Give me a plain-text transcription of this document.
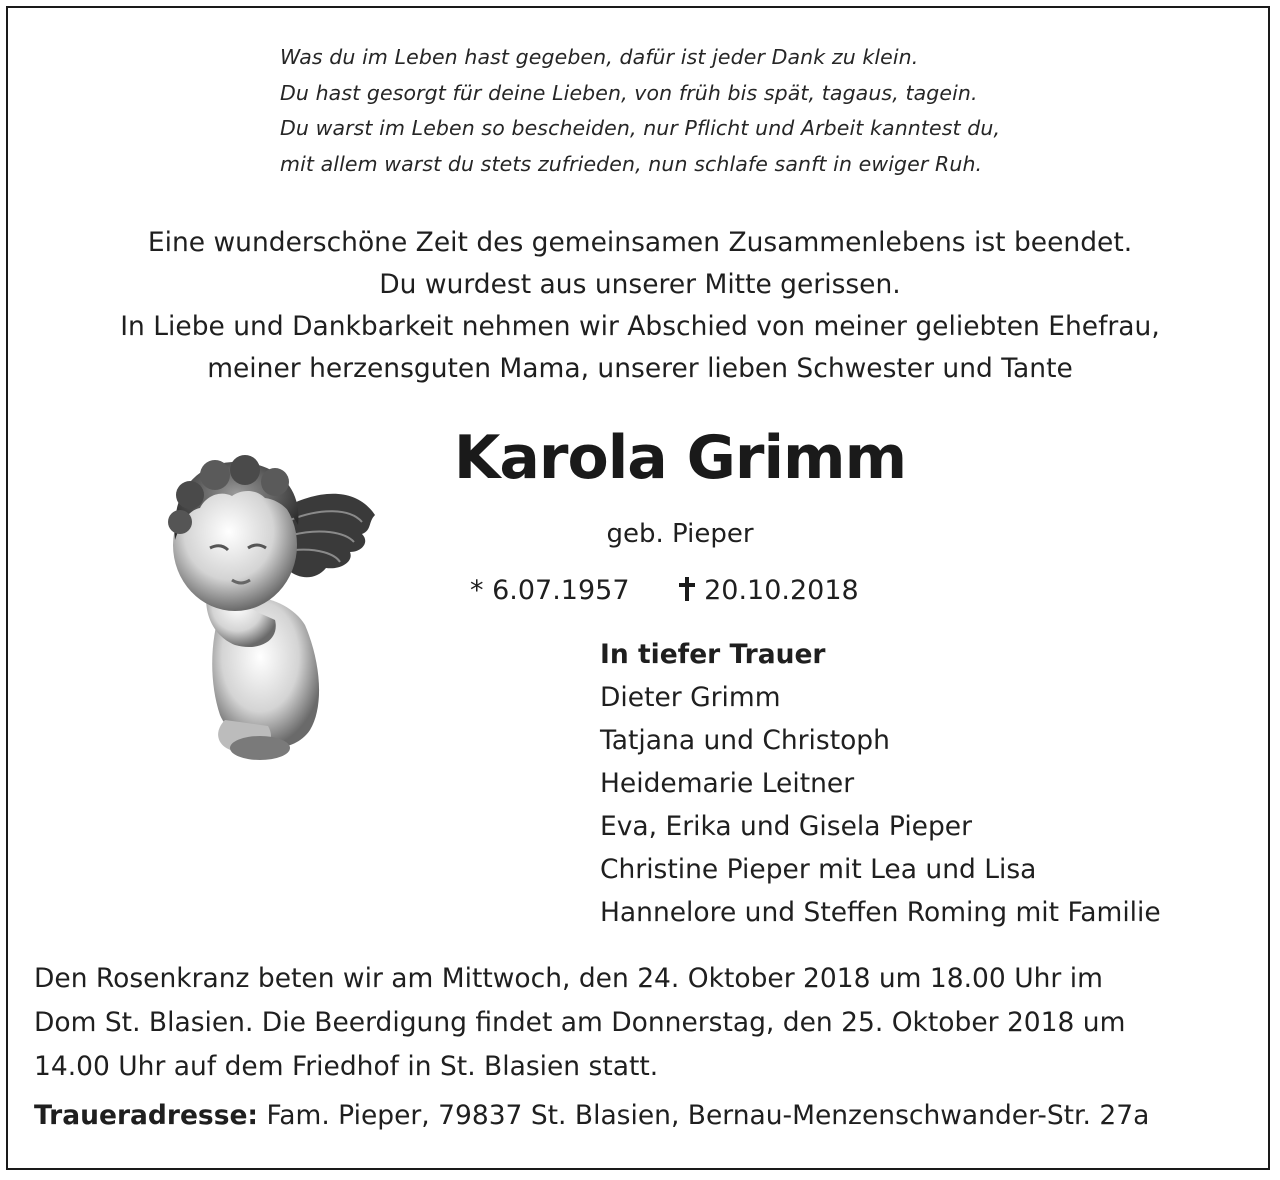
Was du im Leben hast gegeben, dafür ist jeder Dank zu klein.
Du hast gesorgt für deine Lieben, von früh bis spät, tagaus, tagein.
Du warst im Leben so bescheiden, nur Pflicht und Arbeit kanntest du,
mit allem warst du stets zufrieden, nun schlafe sanft in ewiger Ruh.
Eine wunderschöne Zeit des gemeinsamen Zusammenlebens ist beendet.
Du wurdest aus unserer Mitte gerissen.
In Liebe und Dankbarkeit nehmen wir Abschied von meiner geliebten Ehefrau,
meiner herzensguten Mama, unserer lieben Schwester und Tante
Karola Grimm
geb. Pieper
* 6.07.1957	20.10.2018
In tiefer Trauer
Dieter Grimm
Tatjana und Christoph
Heidemarie Leitner
Eva, Erika und Gisela Pieper
Christine Pieper mit Lea und Lisa
Hannelore und Steffen Roming mit Familie
Den Rosenkranz beten wir am Mittwoch, den 24. Oktober 2018 um 18.00 Uhr im
Dom St. Blasien. Die Beerdigung findet am Donnerstag, den 25. Oktober 2018 um
14.00 Uhr auf dem Friedhof in St. Blasien statt.
Traueradresse: Fam. Pieper, 79837 St. Blasien, Bernau-Menzenschwander-Str. 27a
